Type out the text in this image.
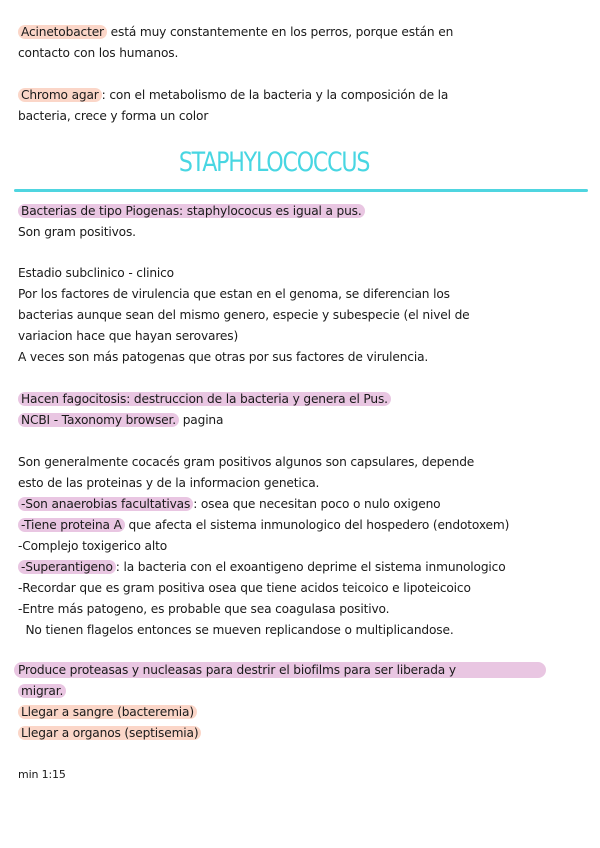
Acinetobacter está muy constantemente en los perros, porque están en
contacto con los humanos.
Chromo agar : con el metabolismo de la bacteria y la composición de la
bacteria, crece y forma un color
STAPHYLOCOCCUS
Bacterias de tipo Piogenas: staphylococus es igual a pus.
Son gram positivos.
Estadio subclinico - clinico
Por los factores de virulencia que estan en el genoma, se diferencian los
bacterias aunque sean del mismo genero, especie y subespecie (el nivel de
variacion hace que hayan serovares)
A veces son más patogenas que otras por sus factores de virulencia.
Hacen fagocitosis: destruccion de la bacteria y genera el Pus.
NCBI - Taxonomy browser. pagina
Son generalmente cocacés gram positivos algunos son capsulares, depende
esto de las proteinas y de la informacion genetica.
-Son anaerobias facultativas : osea que necesitan poco o nulo oxigeno
-Tiene proteina A que afecta el sistema inmunologico del hospedero (endotoxem)
-Complejo toxigerico alto
-Superantigeno : la bacteria con el exoantigeno deprime el sistema inmunologico
-Recordar que es gram positiva osea que tiene acidos teicoico e lipoteicoico
-Entre más patogeno, es probable que sea coagulasa positivo.
No tienen flagelos entonces se mueven replicandose o multiplicandose.
Produce proteasas y nucleasas para destrir el biofilms para ser liberada y
migrar.
Llegar a sangre (bacteremia)
Llegar a organos (septisemia)
min 1:15
